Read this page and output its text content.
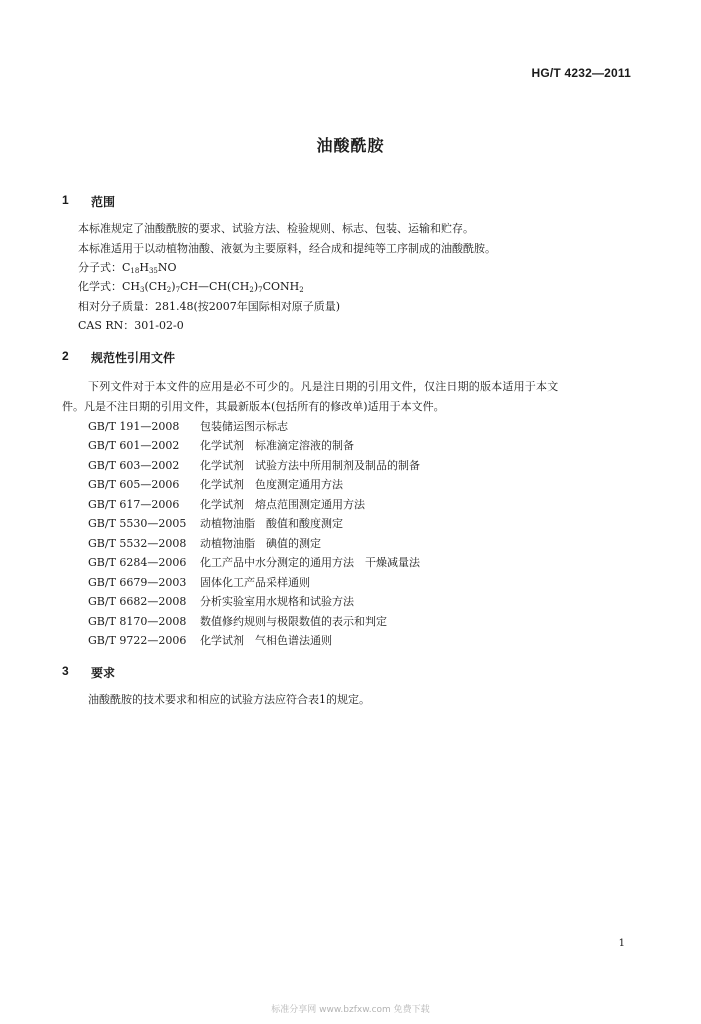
HG/T 4232—2011
油酸酰胺
1 范围
本标准规定了油酸酰胺的要求、试验方法、检验规则、标志、包装、运输和贮存。
本标准适用于以动植物油酸、液氨为主要原料，经合成和提纯等工序制成的油酸酰胺。
分子式：$C_{18}H_{35}NO$
化学式：$CH_3(CH_2)_7CH—CH(CH_2)_7CONH_2$
相对分子质量：281.48(按2007年国际相对原子质量)
CAS RN：301-02-0
2 规范性引用文件
下列文件对于本文件的应用是必不可少的。凡是注日期的引用文件，仅注日期的版本适用于本文
件。凡是不注日期的引用文件，其最新版本(包括所有的修改单)适用于本文件。
GB/T 191—2008 包装储运图示标志
GB/T 601—2002 化学试剂　标准滴定溶液的制备
GB/T 603—2002 化学试剂　试验方法中所用制剂及制品的制备
GB/T 605—2006 化学试剂　色度测定通用方法
GB/T 617—2006 化学试剂　熔点范围测定通用方法
GB/T 5530—2005 动植物油脂　酸值和酸度测定
GB/T 5532—2008 动植物油脂　碘值的测定
GB/T 6284—2006 化工产品中水分测定的通用方法　干燥减量法
GB/T 6679—2003 固体化工产品采样通则
GB/T 6682—2008 分析实验室用水规格和试验方法
GB/T 8170—2008 数值修约规则与极限数值的表示和判定
GB/T 9722—2006 化学试剂　气相色谱法通则
3 要求
油酸酰胺的技术要求和相应的试验方法应符合表1的规定。
1
标准分享网 www.bzfxw.com 免费下载
